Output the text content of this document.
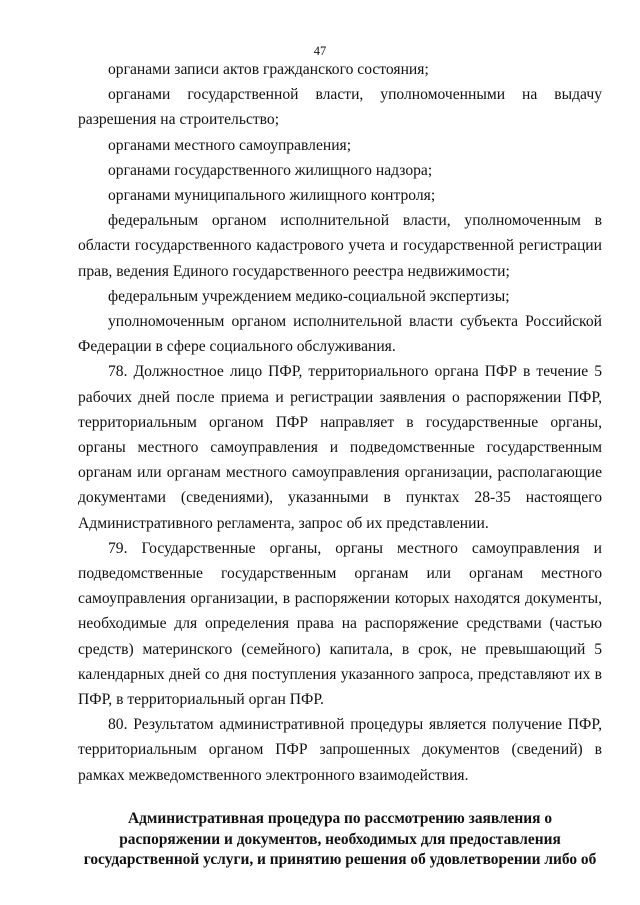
47

органами записи актов гражданского состояния;

органами государственной власти, уполномоченными на выдачу разрешения на строительство;

органами местного самоуправления;

органами государственного жилищного надзора;

органами муниципального жилищного контроля;

федеральным органом исполнительной власти, уполномоченным в области государственного кадастрового учета и государственной регистрации прав, ведения Единого государственного реестра недвижимости;

федеральным учреждением медико-социальной экспертизы;

уполномоченным органом исполнительной власти субъекта Российской Федерации в сфере социального обслуживания.

78. Должностное лицо ПФР, территориального органа ПФР в течение 5 рабочих дней после приема и регистрации заявления о распоряжении ПФР, территориальным органом ПФР направляет в государственные органы, органы местного самоуправления и подведомственные государственным органам или органам местного самоуправления организации, располагающие документами (сведениями), указанными в пунктах 28-35 настоящего Административного регламента, запрос об их представлении.

79. Государственные органы, органы местного самоуправления и подведомственные государственным органам или органам местного самоуправления организации, в распоряжении которых находятся документы, необходимые для определения права на распоряжение средствами (частью средств) материнского (семейного) капитала, в срок, не превышающий 5 календарных дней со дня поступления указанного запроса, представляют их в ПФР, в территориальный орган ПФР.

80. Результатом административной процедуры является получение ПФР, территориальным органом ПФР запрошенных документов (сведений) в рамках межведомственного электронного взаимодействия.

Административная процедура по рассмотрению заявления о
распоряжении и документов, необходимых для предоставления
государственной услуги, и принятию решения об удовлетворении либо об
